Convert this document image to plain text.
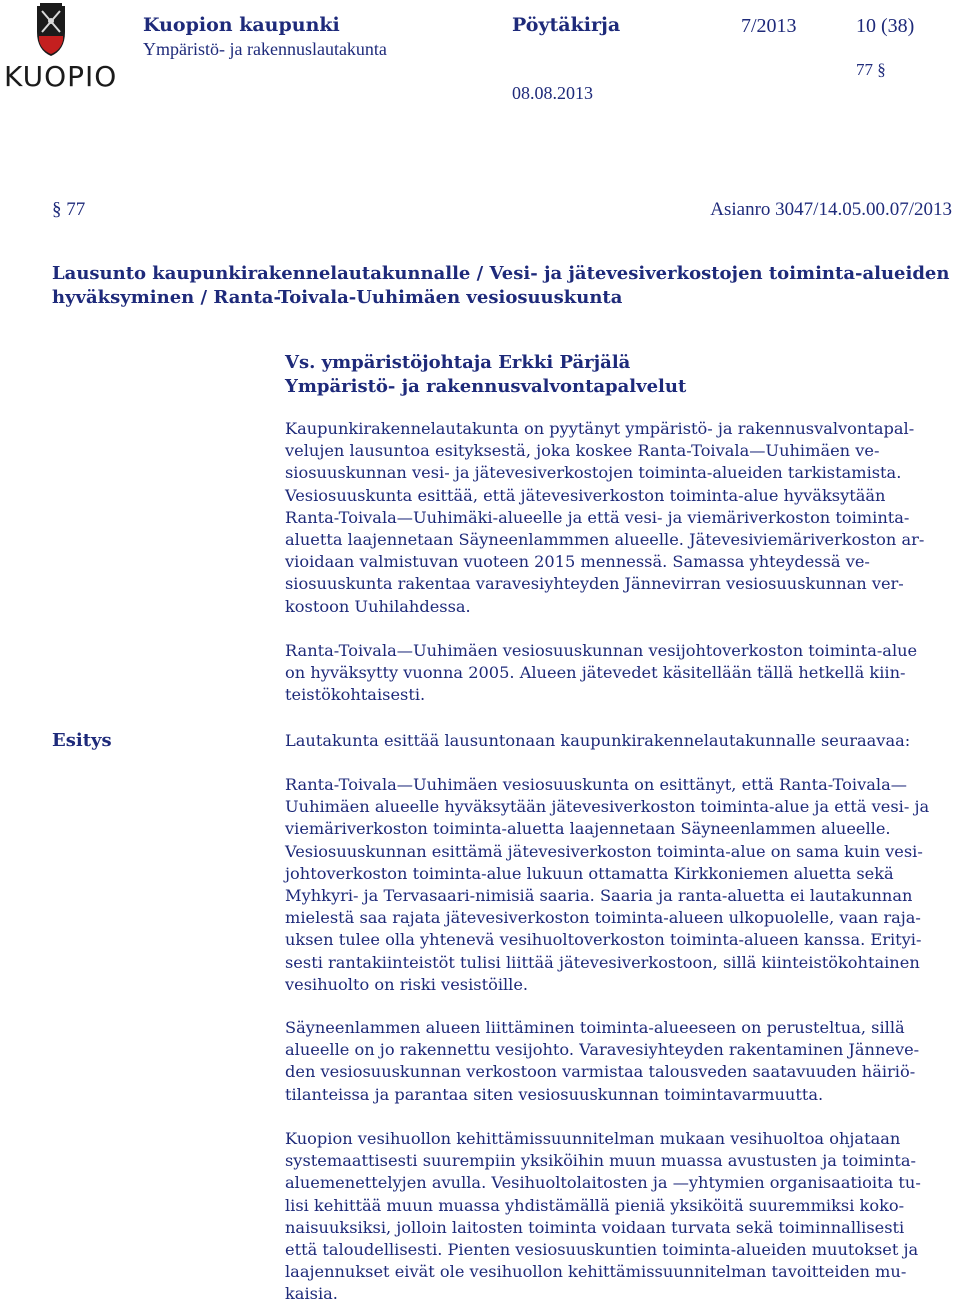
KUOPIO
Kuopion kaupunki
Ympäristö- ja rakennuslautakunta
Pöytäkirja	7/2013	10 (38)
77 §
08.08.2013
§ 77	Asianro 3047/14.05.00.07/2013
Lausunto kaupunkirakennelautakunnalle / Vesi- ja jätevesiverkostojen toiminta-alueiden
hyväksyminen / Ranta-Toivala-Uuhimäen vesiosuuskunta
Vs. ympäristöjohtaja Erkki Pärjälä
Ympäristö- ja rakennusvalvontapalvelut

Kaupunkirakennelautakunta on pyytänyt ympäristö- ja rakennusvalvontapal-
velujen lausuntoa esityksestä, joka koskee Ranta-Toivala—Uuhimäen ve-
siosuuskunnan vesi- ja jätevesiverkostojen toiminta-alueiden tarkistamista.
Vesiosuuskunta esittää, että jätevesiverkoston toiminta-alue hyväksytään
Ranta-Toivala—Uuhimäki-alueelle ja että vesi- ja viemäriverkoston toiminta-
aluetta laajennetaan Säyneenlammmen alueelle. Jätevesiviemäriverkoston ar-
vioidaan valmistuvan vuoteen 2015 mennessä. Samassa yhteydessä ve-
siosuuskunta rakentaa varavesiyhteyden Jännevirran vesiosuuskunnan ver-
kostoon Uuhilahdessa.

Ranta-Toivala—Uuhimäen vesiosuuskunnan vesijohtoverkoston toiminta-alue
on hyväksytty vuonna 2005. Alueen jätevedet käsitellään tällä hetkellä kiin-
teistökohtaisesti.

Esitys	Lautakunta esittää lausuntonaan kaupunkirakennelautakunnalle seuraavaa:

Ranta-Toivala—Uuhimäen vesiosuuskunta on esittänyt, että Ranta-Toivala—
Uuhimäen alueelle hyväksytään jätevesiverkoston toiminta-alue ja että vesi- ja
viemäriverkoston toiminta-aluetta laajennetaan Säyneenlammen alueelle.
Vesiosuuskunnan esittämä jätevesiverkoston toiminta-alue on sama kuin vesi-
johtoverkoston toiminta-alue lukuun ottamatta Kirkkoniemen aluetta sekä
Myhkyri- ja Tervasaari-nimisiä saaria. Saaria ja ranta-aluetta ei lautakunnan
mielestä saa rajata jätevesiverkoston toiminta-alueen ulkopuolelle, vaan raja-
uksen tulee olla yhtenevä vesihuoltoverkoston toiminta-alueen kanssa. Erityi-
sesti rantakiinteistöt tulisi liittää jätevesiverkostoon, sillä kiinteistökohtainen
vesihuolto on riski vesistöille.

Säyneenlammen alueen liittäminen toiminta-alueeseen on perusteltua, sillä
alueelle on jo rakennettu vesijohto. Varavesiyhteyden rakentaminen Jänneve-
den vesiosuuskunnan verkostoon varmistaa talousveden saatavuuden häiriö-
tilanteissa ja parantaa siten vesiosuuskunnan toimintavarmuutta.

Kuopion vesihuollon kehittämissuunnitelman mukaan vesihuoltoa ohjataan
systemaattisesti suurempiin yksiköihin muun muassa avustusten ja toiminta-
aluemenettelyjen avulla. Vesihuoltolaitosten ja —yhtymien organisaatioita tu-
lisi kehittää muun muassa yhdistämällä pieniä yksiköitä suuremmiksi koko-
naisuuksiksi, jolloin laitosten toiminta voidaan turvata sekä toiminnallisesti
että taloudellisesti. Pienten vesiosuuskuntien toiminta-alueiden muutokset ja
laajennukset eivät ole vesihuollon kehittämissuunnitelman tavoitteiden mu-
kaisia.
